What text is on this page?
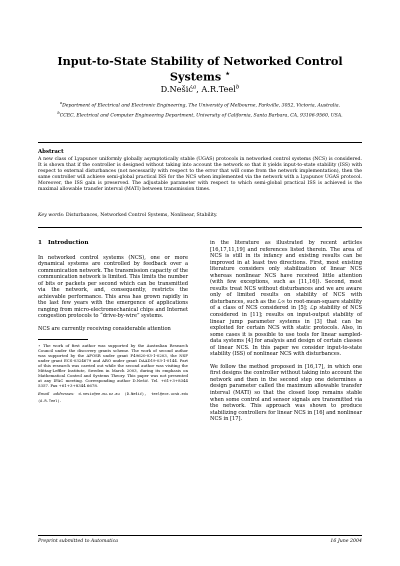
Input-to-State Stability of Networked Control Systems ⋆
D.Nešić$^a$, A.R.Teel$^b$
$^a$Department of Electrical and Electronic Engineering, The University of Melbourne, Parkville, 3052, Victoria, Australia.
$^b$CCEC, Electrical and Computer Engineering Department, University of California, Santa Barbara, CA, 93106-9560, USA.
Abstract
A new class of Lyapunov uniformly globally asymptotically stable (UGAS) protocols in networked control systems (NCS) is considered. It is shown that if the controller is designed without taking into account the network so that it yields input-to-state stability (ISS) with respect to external disturbances (not necessarily with respect to the error that will come from the network implementation), then the same controller will achieve semi-global practical ISS for the NCS when implemented via the network with a Lyapunov UGAS protocol. Moreover, the ISS gain is preserved. The adjustable parameter with respect to which semi-global practical ISS is achieved is the maximal allowable transfer interval (MATI) between transmission times.
Key words: Disturbances, Networked Control Systems, Nonlinear, Stability.
1 Introduction

In networked control systems (NCS), one or more dynamical systems are controlled by feedback over a communication network. The transmission capacity of the communication network is limited. This limits the number of bits or packets per second which can be transmitted via the network, and, consequently, restricts the achievable performance. This area has grown rapidly in the last few years with the emergence of applications ranging from micro-electromechanical chips and Internet congestion protocols to “drive-by-wire” systems.

NCS are currently receiving considerable attention

⋆ The work of first author was supported by the Australian Research Council under the discovery grants scheme. The work of second author was supported by the AFOSR under grant F49620-03-1-0203, the NSF under grant ECS-0324679 and ARO under grant DAAD19-03-1-0144. Part of this research was carried out while the second author was visiting the Mittag-Leffler Institute, Sweden in March 2003, during its emphasis on Mathematical Control and Systems Theory. This paper was not presented at any IFAC meeting. Corresponding author D.Nešić. Tel. +61+3+8344 5357. Fax +61+3+8344 6678.
Email addresses: d.nesic@ee.mu.oz.au (D.Nešić), teel@ece.ucsb.edu (A.R.Teel).

in the literature as illustrated by recent articles [16,17,11,19] and references listed therein. The area of NCS is still in its infancy and existing results can be improved in at least two directions. First, most existing literature considers only stabilization of linear NCS whereas nonlinear NCS have received little attention (with few exceptions, such as [11,16]). Second, most results treat NCS without disturbances and we are aware only of limited results on stability of NCS with disturbances, such as the ℒ∞ to root-mean-square stability of a class of NCS considered in [5]; ℒp stability of NCS considered in [11]; results on input-output stability of linear jump parameter systems in [3] that can be exploited for certain NCS with static protocols. Also, in some cases it is possible to use tools for linear sampled-data systems [4] for analysis and design of certain classes of linear NCS. In this paper we consider input-to-state stability (ISS) of nonlinear NCS with disturbances.

We follow the method proposed in [16,17], in which one first designs the controller without taking into account the network and then in the second step one determines a design parameter called the maximum allowable transfer interval (MATI) so that the closed loop remains stable when some control and sensor signals are transmitted via the network. This approach was shown to produce stabilizing controllers for linear NCS in [16] and nonlinear NCS in [17].

Preprint submitted to Automatica	16 June 2004
